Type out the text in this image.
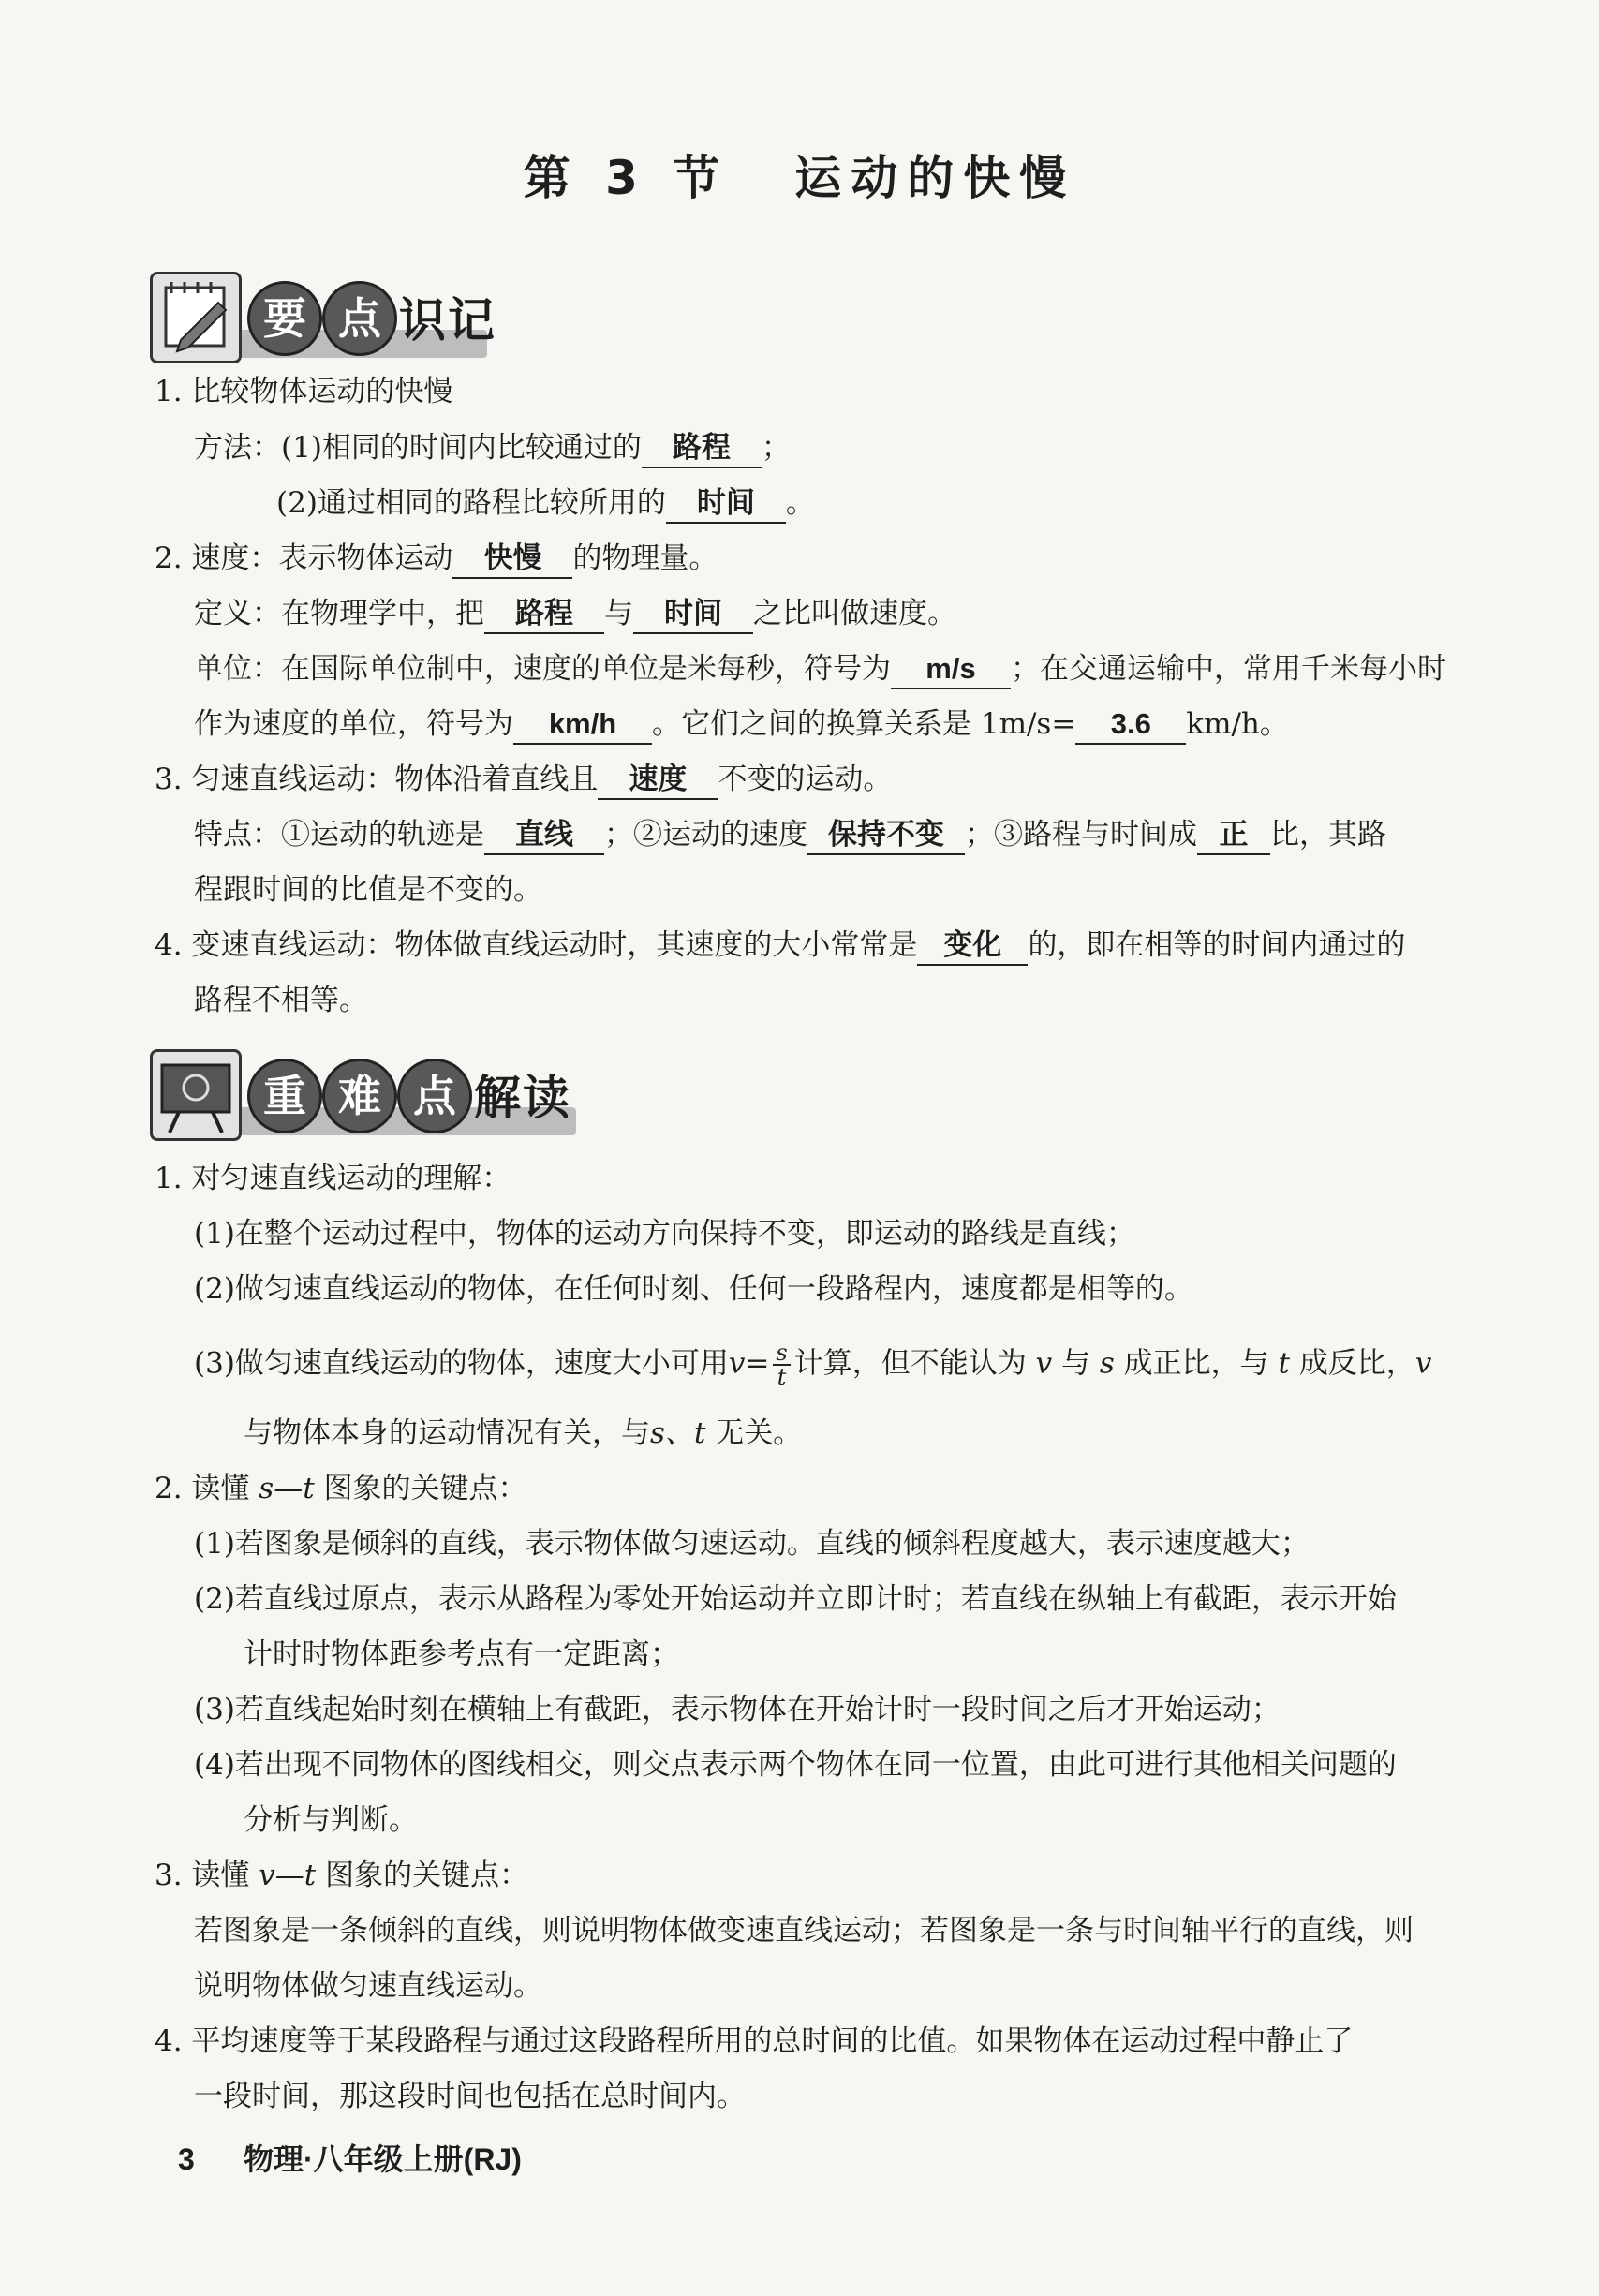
第 3 节 运动的快慢
要 点 识记
1. 比较物体运动的快慢
方法：(1)相同的时间内比较通过的 路程 ；
(2)通过相同的路程比较所用的 时间 。
2. 速度：表示物体运动 快慢 的物理量。
定义：在物理学中，把 路程 与 时间 之比叫做速度。
单位：在国际单位制中，速度的单位是米每秒，符号为 m/s ；在交通运输中，常用千米每小时
作为速度的单位，符号为 km/h 。它们之间的换算关系是 1m/s= 3.6 km/h。
3. 匀速直线运动：物体沿着直线且 速度 不变的运动。
特点：①运动的轨迹是 直线 ；②运动的速度 保持不变 ；③路程与时间成 正 比，其路
程跟时间的比值是不变的。
4. 变速直线运动：物体做直线运动时，其速度的大小常常是 变化 的，即在相等的时间内通过的
路程不相等。
重 难 点 解读
1. 对匀速直线运动的理解：
(1)在整个运动过程中，物体的运动方向保持不变，即运动的路线是直线；
(2)做匀速直线运动的物体，在任何时刻、任何一段路程内，速度都是相等的。
(3)做匀速直线运动的物体，速度大小可用$v= \frac{s}{t}$ 计算，但不能认为 v 与 s 成正比，与 t 成反比，v
与物体本身的运动情况有关，与s、t 无关。
2. 读懂 s—t 图象的关键点：
(1)若图象是倾斜的直线，表示物体做匀速运动。直线的倾斜程度越大，表示速度越大；
(2)若直线过原点，表示从路程为零处开始运动并立即计时；若直线在纵轴上有截距，表示开始
计时时物体距参考点有一定距离；
(3)若直线起始时刻在横轴上有截距，表示物体在开始计时一段时间之后才开始运动；
(4)若出现不同物体的图线相交，则交点表示两个物体在同一位置，由此可进行其他相关问题的
分析与判断。
3. 读懂 v—t 图象的关键点：
若图象是一条倾斜的直线，则说明物体做变速直线运动；若图象是一条与时间轴平行的直线，则
说明物体做匀速直线运动。
4. 平均速度等于某段路程与通过这段路程所用的总时间的比值。如果物体在运动过程中静止了
一段时间，那这段时间也包括在总时间内。
3 物理·八年级上册(RJ)
